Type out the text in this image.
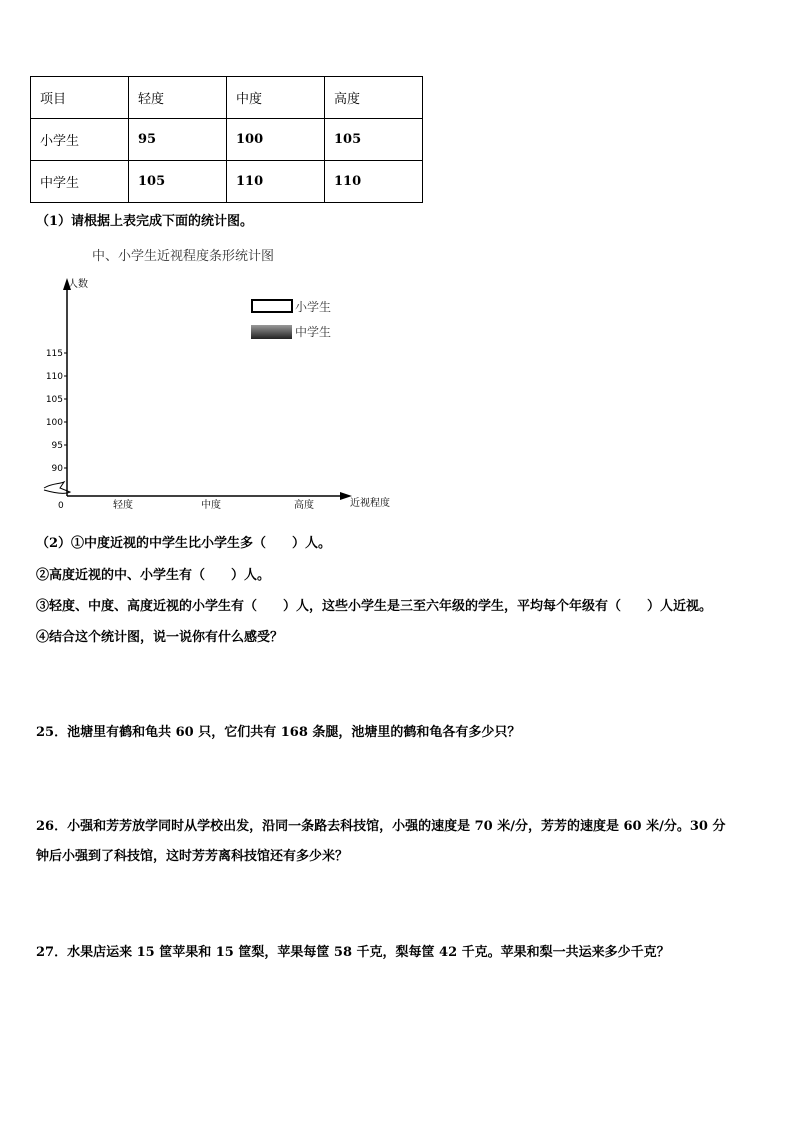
项目	轻度	中度	高度
小学生	95	100	105
中学生	105	110	110
（1）请根据上表完成下面的统计图。
中、小学生近视程度条形统计图
90
95
100
105
110
115
轻度	中度	高度
人数
近视程度
0
小学生
中学生
（2）①中度近视的中学生比小学生多（　　）人。
②高度近视的中、小学生有（　　）人。
③轻度、中度、高度近视的小学生有（　　）人，这些小学生是三至六年级的学生，平均每个年级有（　　）人近视。
④结合这个统计图，说一说你有什么感受？
25．池塘里有鹤和龟共 60 只，它们共有 168 条腿，池塘里的鹤和龟各有多少只？
26．小强和芳芳放学同时从学校出发，沿同一条路去科技馆，小强的速度是 70 米/分，芳芳的速度是 60 米/分。30 分
钟后小强到了科技馆，这时芳芳离科技馆还有多少米？
27．水果店运来 15 筐苹果和 15 筐梨，苹果每筐 58 千克，梨每筐 42 千克。苹果和梨一共运来多少千克？
